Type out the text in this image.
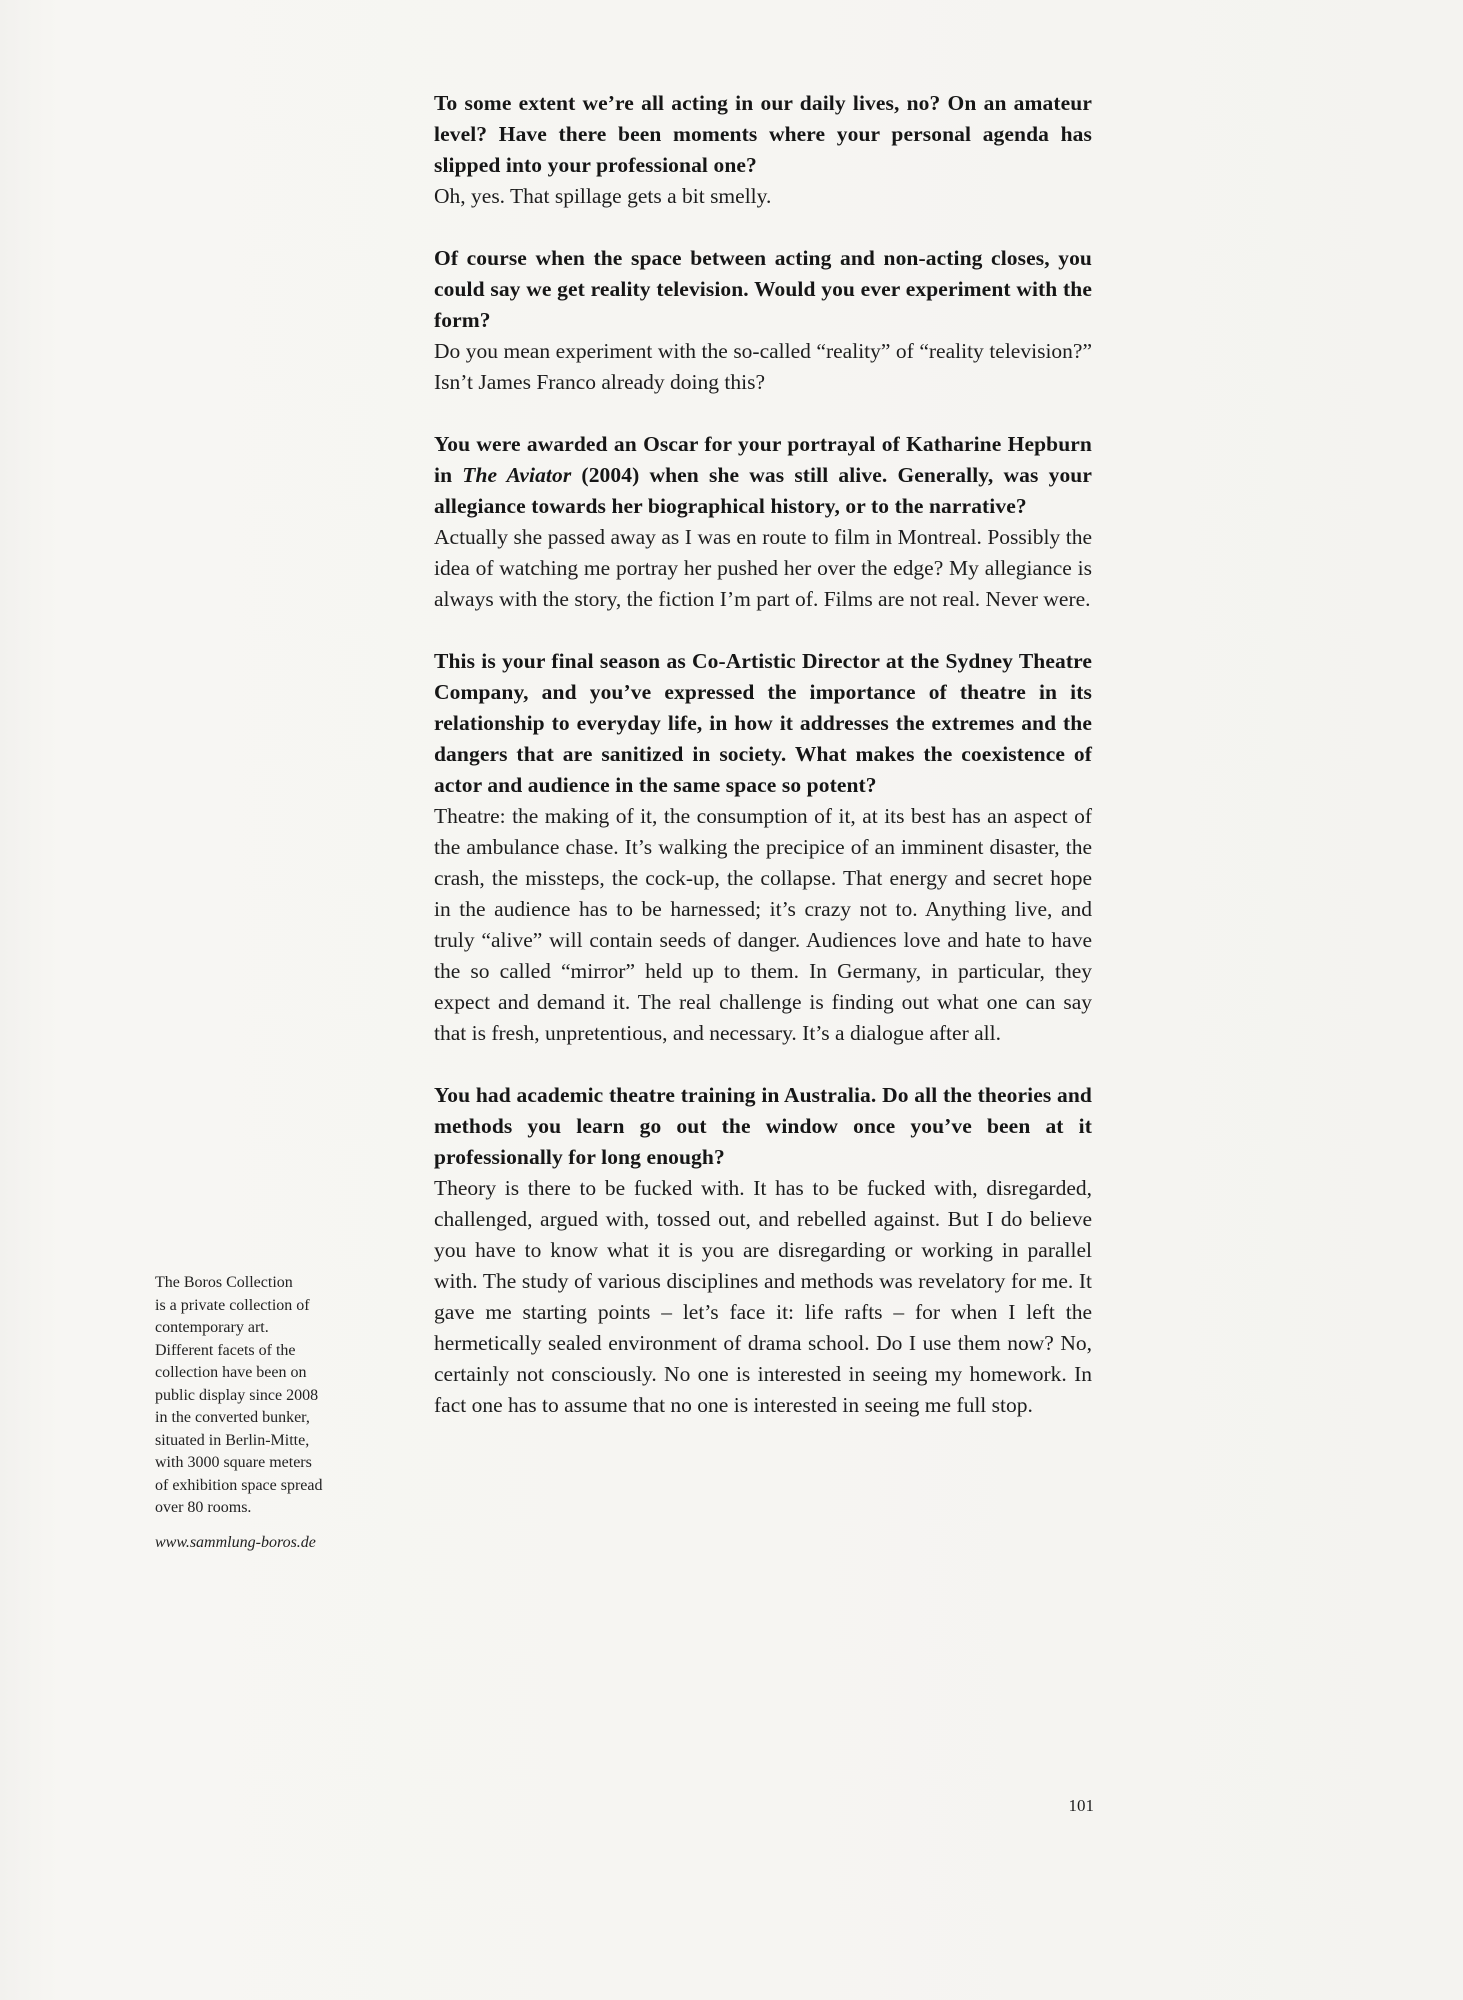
To some extent we’re all acting in our daily lives, no? On an amateur level? Have there been moments where your personal agenda has slipped into your professional one?

Oh, yes. That spillage gets a bit smelly.

Of course when the space between acting and non-acting closes, you could say we get reality television. Would you ever experiment with the form?

Do you mean experiment with the so-called “reality” of “reality television?” Isn’t James Franco already doing this?

You were awarded an Oscar for your portrayal of Katharine Hepburn in The Aviator (2004) when she was still alive. Generally, was your allegiance towards her biographical history, or to the narrative?

Actually she passed away as I was en route to film in Montreal. Possibly the idea of watching me portray her pushed her over the edge? My allegiance is always with the story, the fiction I’m part of. Films are not real. Never were.

This is your final season as Co-Artistic Director at the Sydney Theatre Company, and you’ve expressed the importance of theatre in its relationship to everyday life, in how it addresses the extremes and the dangers that are sanitized in society. What makes the coexistence of actor and audience in the same space so potent?

Theatre: the making of it, the consumption of it, at its best has an aspect of the ambulance chase. It’s walking the precipice of an imminent disaster, the crash, the missteps, the cock-up, the collapse. That energy and secret hope in the audience has to be harnessed; it’s crazy not to. Anything live, and truly “alive” will contain seeds of danger. Audiences love and hate to have the so called “mirror” held up to them. In Germany, in particular, they expect and demand it. The real challenge is finding out what one can say that is fresh, unpretentious, and necessary. It’s a dialogue after all.

You had academic theatre training in Australia. Do all the theories and methods you learn go out the window once you’ve been at it professionally for long enough?

Theory is there to be fucked with. It has to be fucked with, disregarded, challenged, argued with, tossed out, and rebelled against. But I do believe you have to know what it is you are disregarding or working in parallel with. The study of various disciplines and methods was revelatory for me. It gave me starting points – let’s face it: life rafts – for when I left the hermetically sealed environment of drama school. Do I use them now? No, certainly not consciously. No one is interested in seeing my homework. In fact one has to assume that no one is interested in seeing me full stop.

The Boros Collection
is a private collection of
contemporary art.
Different facets of the
collection have been on
public display since 2008
in the converted bunker,
situated in Berlin-Mitte,
with 3000 square meters
of exhibition space spread
over 80 rooms.
www.sammlung-boros.de
101
